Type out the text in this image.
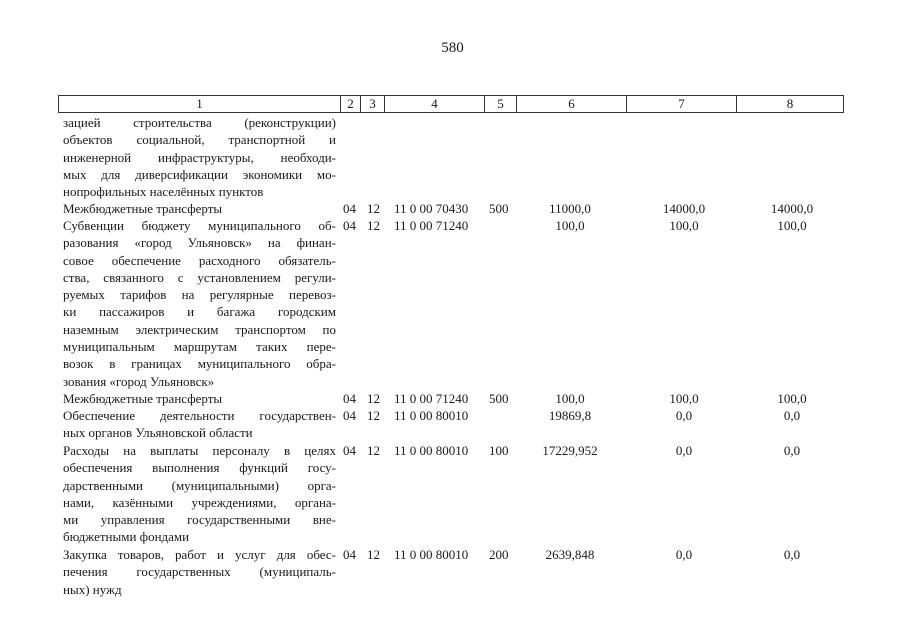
580
1	2	3	4	5	6	7	8
зацией строительства (реконструкции)
объектов социальной, транспортной и
инженерной инфраструктуры, необходи-
мых для диверсификации экономики мо-
нопрофильных населённых пунктов
Межбюджетные трансферты	04 12 11 0 00 70430 500	11000,0	14000,0	14000,0
Субвенции бюджету муниципального об-
разования «город Ульяновск» на финан-
совое обеспечение расходного обязатель-
ства, связанного с установлением регули-
руемых тарифов на регулярные перевоз-
ки пассажиров и багажа городским
наземным электрическим транспортом по
муниципальным маршрутам таких пере-
возок в границах муниципального обра-
зования «город Ульяновск»
04 12 11 0 00 71240	100,0	100,0	100,0
Межбюджетные трансферты	04 12 11 0 00 71240 500	100,0	100,0	100,0
Обеспечение деятельности государствен-
ных органов Ульяновской области
04 12 11 0 00 80010	19869,8	0,0	0,0
Расходы на выплаты персоналу в целях
обеспечения выполнения функций госу-
дарственными (муниципальными) орга-
нами, казёнными учреждениями, органа-
ми управления государственными вне-
бюджетными фондами
04 12 11 0 00 80010 100	17229,952	0,0	0,0
Закупка товаров, работ и услуг для обес-
печения государственных (муниципаль-
ных) нужд
04 12 11 0 00 80010 200	2639,848	0,0	0,0
